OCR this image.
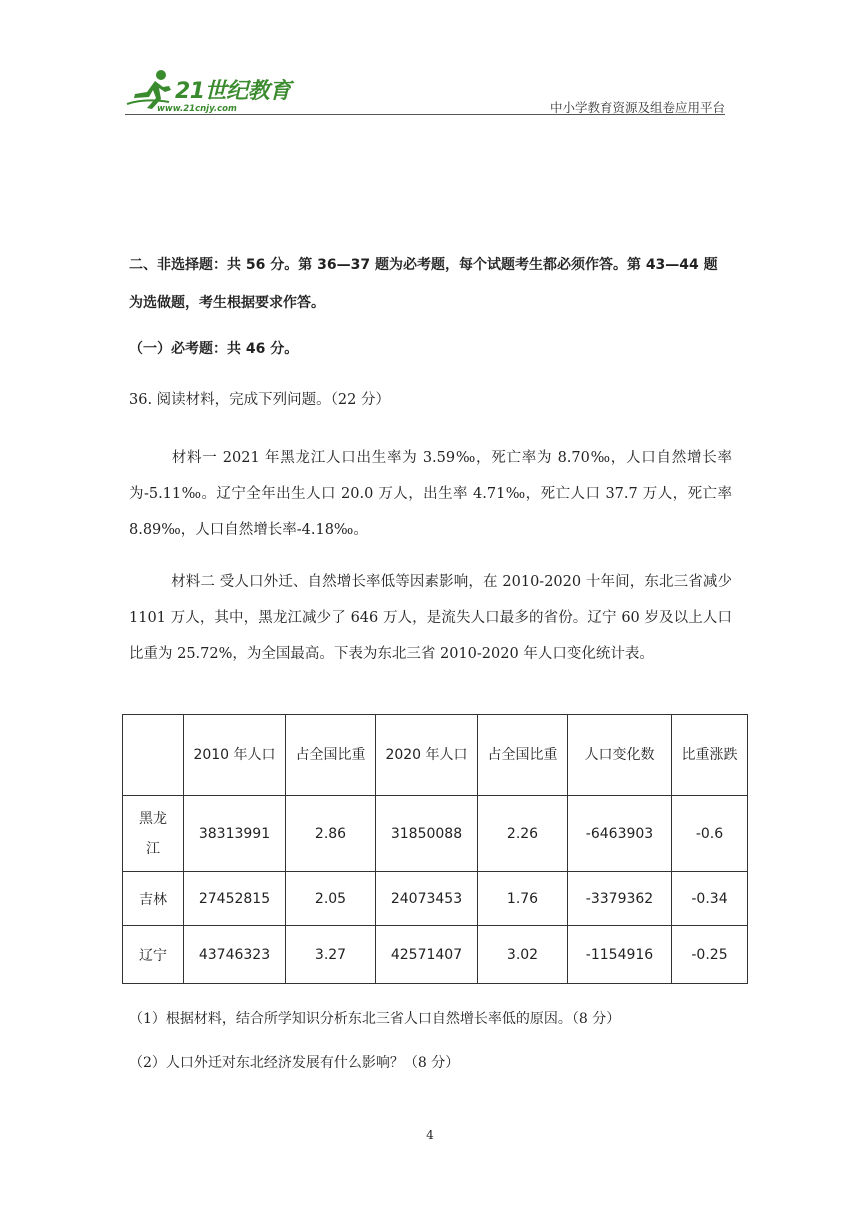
21世纪教育
www.21cnjy.com	中小学教育资源及组卷应用平台
二、非选择题：共 56 分。第 36—37 题为必考题，每个试题考生都必须作答。第 43—44 题为选做题，考生根据要求作答。
（一）必考题：共 46 分。
36. 阅读材料，完成下列问题。（22 分）
材料一 2021 年黑龙江人口出生率为 3.59‰，死亡率为 8.70‰，人口自然增长率为-5.11‰。辽宁全年出生人口 20.0 万人，出生率 4.71‰，死亡人口 37.7 万人，死亡率 8.89‰，人口自然增长率-4.18‰。
材料二 受人口外迁、自然增长率低等因素影响，在 2010-2020 十年间，东北三省减少 1101 万人，其中，黑龙江减少了 646 万人，是流失人口最多的省份。辽宁 60 岁及以上人口比重为 25.72%，为全国最高。下表为东北三省 2010-2020 年人口变化统计表。
	2010 年人口	占全国比重	2020 年人口	占全国比重	人口变化数	比重涨跌
黑龙江	38313991	2.86	31850088	2.26	-6463903	-0.6
吉林	27452815	2.05	24073453	1.76	-3379362	-0.34
辽宁	43746323	3.27	42571407	3.02	-1154916	-0.25
（1）根据材料，结合所学知识分析东北三省人口自然增长率低的原因。（8 分）
（2）人口外迁对东北经济发展有什么影响？（8 分）
4
